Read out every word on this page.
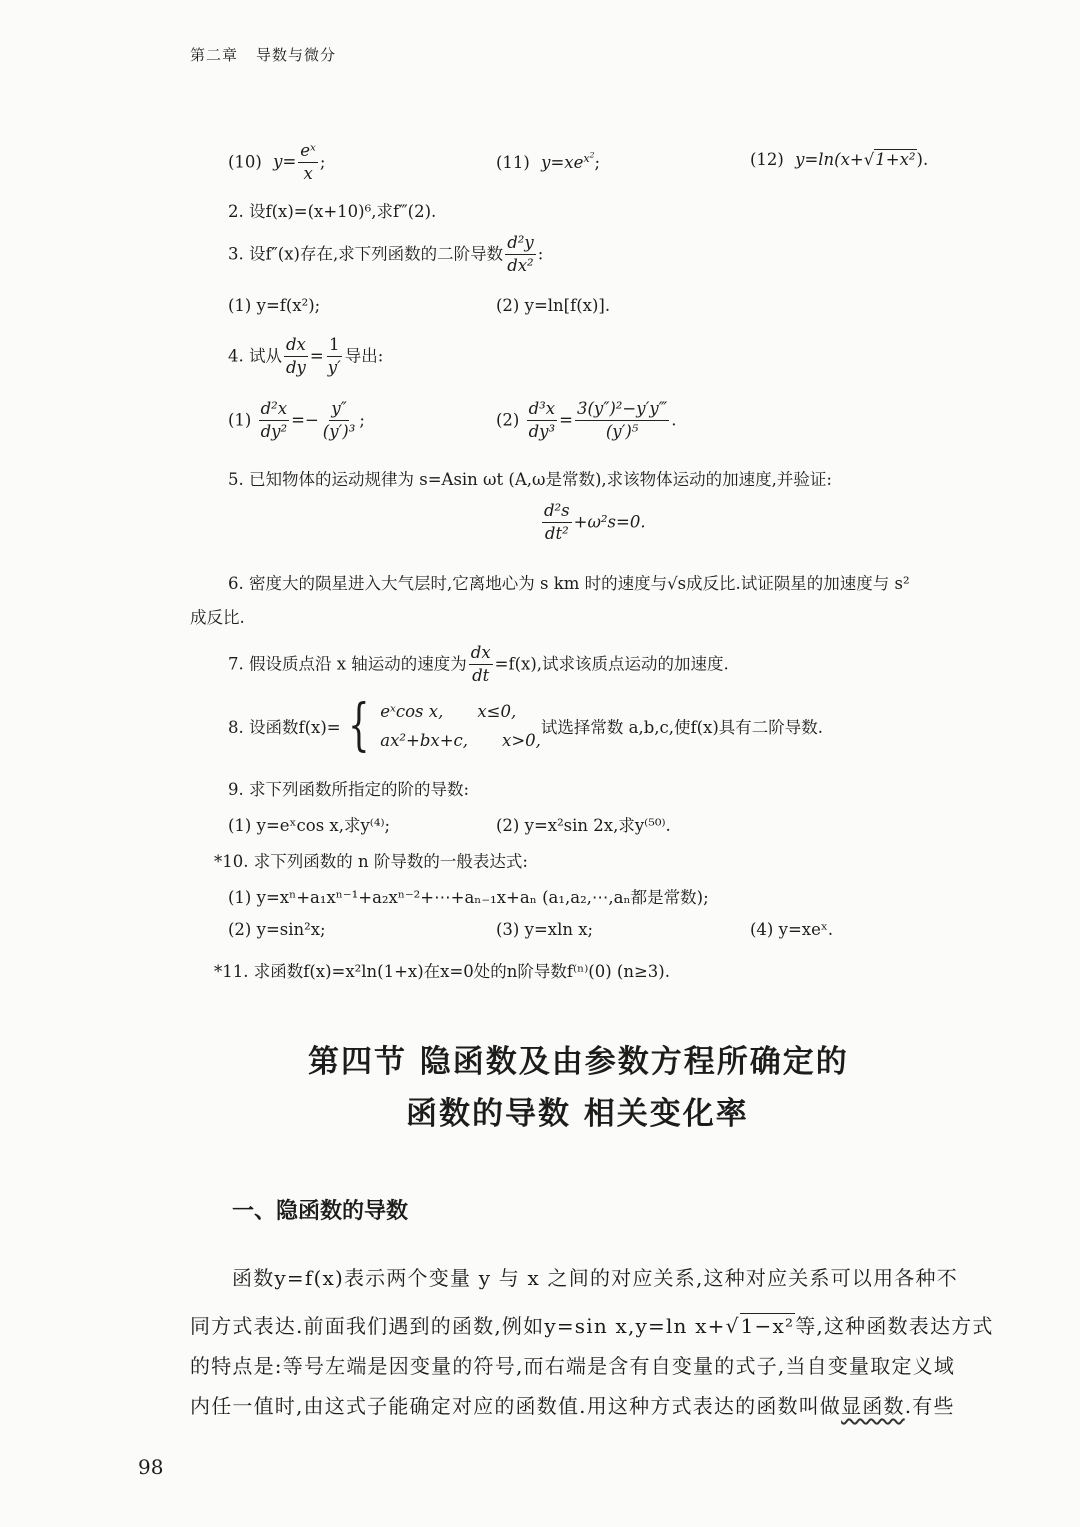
第二章 导数与微分
(10) $y= \frac{\text{eˣ}}{x}$ ;	(11) $y=xe^{x^2}$;	(12) y=ln(x+√1+x²).
2. 设f(x)=(x+10)⁶,求f‴(2).
3. 设f″(x)存在,求下列函数的二阶导数 $\frac{\text{d²y}}{\text{dx²}}$ :
(1) y=f(x²);	(2) y=ln[f(x)].
4. 试从 $\frac{dx}{dy} = \frac{1}{y'}$ 导出:
$(1) \frac{\text{d²x}}{\text{dy²}} =- \frac{y''}{\text{(y′)³}}$ ;	$(2) \frac{\text{d³x}}{\text{dy³}} = \frac{\text{3(y″)²−y′y‴}}{\text{(y′)⁵}}$ .
5. 已知物体的运动规律为 s=Asin ωt (A,ω是常数),求该物体运动的加速度,并验证:
$\frac{\text{d²s}}{\text{dt²}} +\omega^2s=0$.
6. 密度大的陨星进入大气层时,它离地心为 s km 时的速度与√s成反比.试证陨星的加速度与 s²
成反比.
7. 假设质点沿 x 轴运动的速度为 $\frac{dx}{dt} =f(x)$,试求该质点运动的加速度.
8. 设函数f(x)= { eˣcos x, x≤0,
ax²+bx+c, x>0,
试选择常数 a,b,c,使f(x)具有二阶导数.
9. 求下列函数所指定的阶的导数:
(1) y=eˣcos x,求y⁽⁴⁾;	(2) y=x²sin 2x,求y⁽⁵⁰⁾.
*10. 求下列函数的 n 阶导数的一般表达式:
(1) y=xⁿ+a₁xⁿ⁻¹+a₂xⁿ⁻²+⋯+aₙ₋₁x+aₙ (a₁,a₂,⋯,aₙ都是常数);
(2) y=sin²x;	(3) y=xln x;	(4) y=xeˣ.
*11. 求函数f(x)=x²ln(1+x)在x=0处的n阶导数f⁽ⁿ⁾(0) (n≥3).
第四节 隐函数及由参数方程所确定的
函数的导数 相关变化率
一、隐函数的导数
函数y=f(x)表示两个变量 y 与 x 之间的对应关系,这种对应关系可以用各种不
同方式表达.前面我们遇到的函数,例如y=sin x,y=ln x+√1−x²等,这种函数表达方式
的特点是:等号左端是因变量的符号,而右端是含有自变量的式子,当自变量取定义域
内任一值时,由这式子能确定对应的函数值.用这种方式表达的函数叫做显函数.有些
98
